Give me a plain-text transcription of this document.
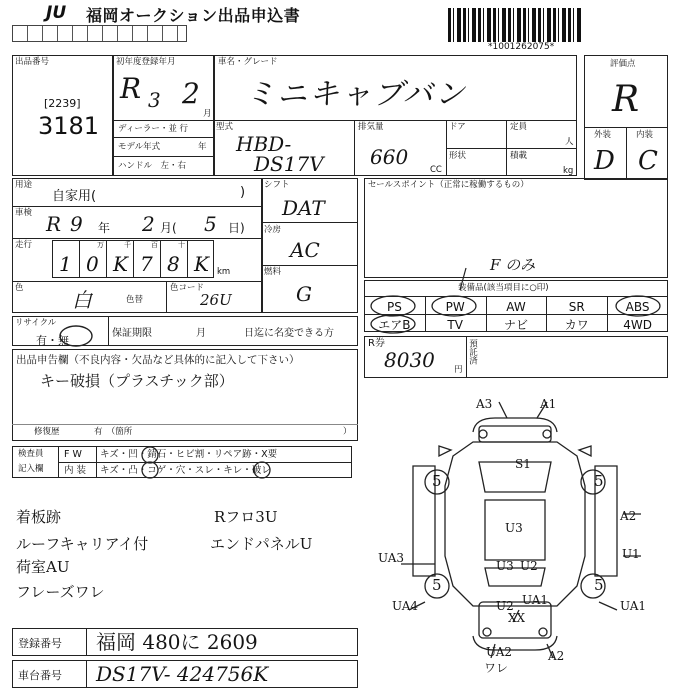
JU 福岡オークション出品申込書
*1001262075*
出品番号
[2239]
3181
初年度登録年月
R 3 2
月
車名・グレード
ミニキャブバン
ディーラー・並 行
モデル年式	年
ハンドル　左・右
型式
HBD-
DS17V
排気量
660
CC
ドア
形状
定員
人
積載
kg
評価点
R
外装	内装
D C
用途
自家用(	)
車検 R 9 年 2 月( 5 日)
走行
1
万
0
千
K
百
7
十
8 K km
色 白	色替
色コード
26U
シフト
DAT
冷房
AC
燃料
G
セールスポイント（正常に稼働するもの）
F のみ
装備品(該当項目に○印)
PS	PW	AW	SR	ABS
エアB	TV	ナビ	カワ	4WD
リサイクル
有・無
保証期限	月	日迄に名変できる方
R券
8030 円
預託済
出品申告欄（不良内容・欠品など具体的に記入して下さい）
キー破損（プラスチック部）
修復歴	有　（箇所	）
検査員
記入欄
F W
内 装
キズ・凹・錆石・ヒビ割・リペア跡・X要
キズ・凸・コゲ・穴・スレ・キレ・破レ
着板跡
ルーフキャリアイ付
荷室AU
フレーズワレ
Rフロ3U
エンドパネルU
A3	A1
S1
U3
A2
U1
UA3
UA4	UA1
U2 UA1
UA2	A2
ワレ
XX
U3 U2
5	5
5	5
登録番号 福岡 480に 2609
車台番号 DS17V- 424756K
